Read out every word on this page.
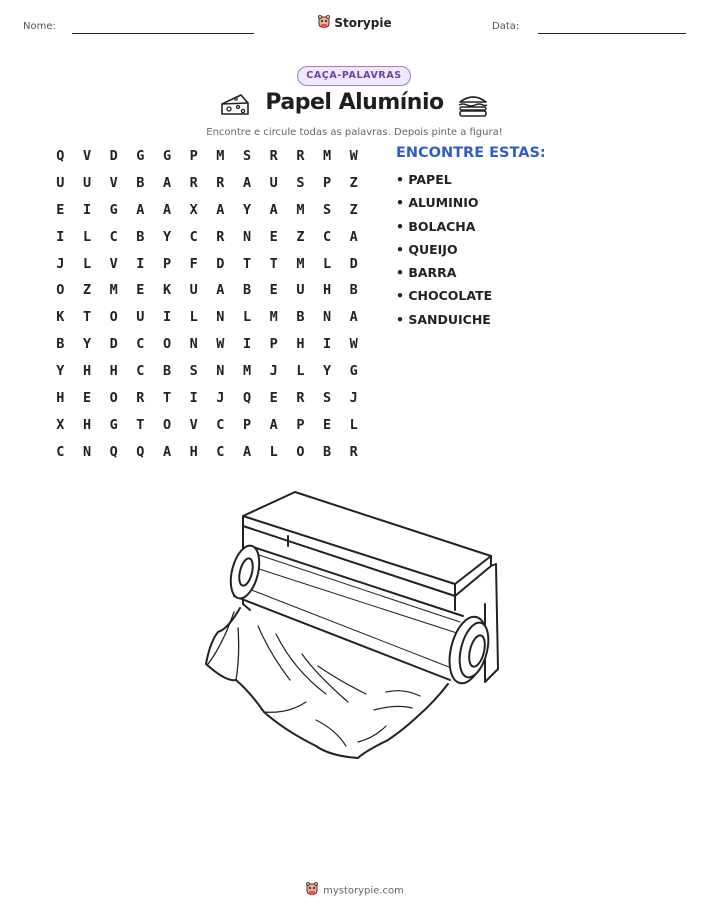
Nome:	Storypie	Data:
CAÇA-PALAVRAS
Papel Alumínio
Encontre e circule todas as palavras. Depois pinte a figura!
Q	V	D	G	G	P	M	S	R	R	M	W
U	U	V	B	A	R	R	A	U	S	P	Z
E	I	G	A	A	X	A	Y	A	M	S	Z
I	L	C	B	Y	C	R	N	E	Z	C	A
J	L	V	I	P	F	D	T	T	M	L	D
O	Z	M	E	K	U	A	B	E	U	H	B
K	T	O	U	I	L	N	L	M	B	N	A
B	Y	D	C	O	N	W	I	P	H	I	W
Y	H	H	C	B	S	N	M	J	L	Y	G
H	E	O	R	T	I	J	Q	E	R	S	J
X	H	G	T	O	V	C	P	A	P	E	L
C	N	Q	Q	A	H	C	A	L	O	B	R
ENCONTRE ESTAS:
• PAPEL
• ALUMINIO
• BOLACHA
• QUEIJO
• BARRA
• CHOCOLATE
• SANDUICHE
mystorypie.com
